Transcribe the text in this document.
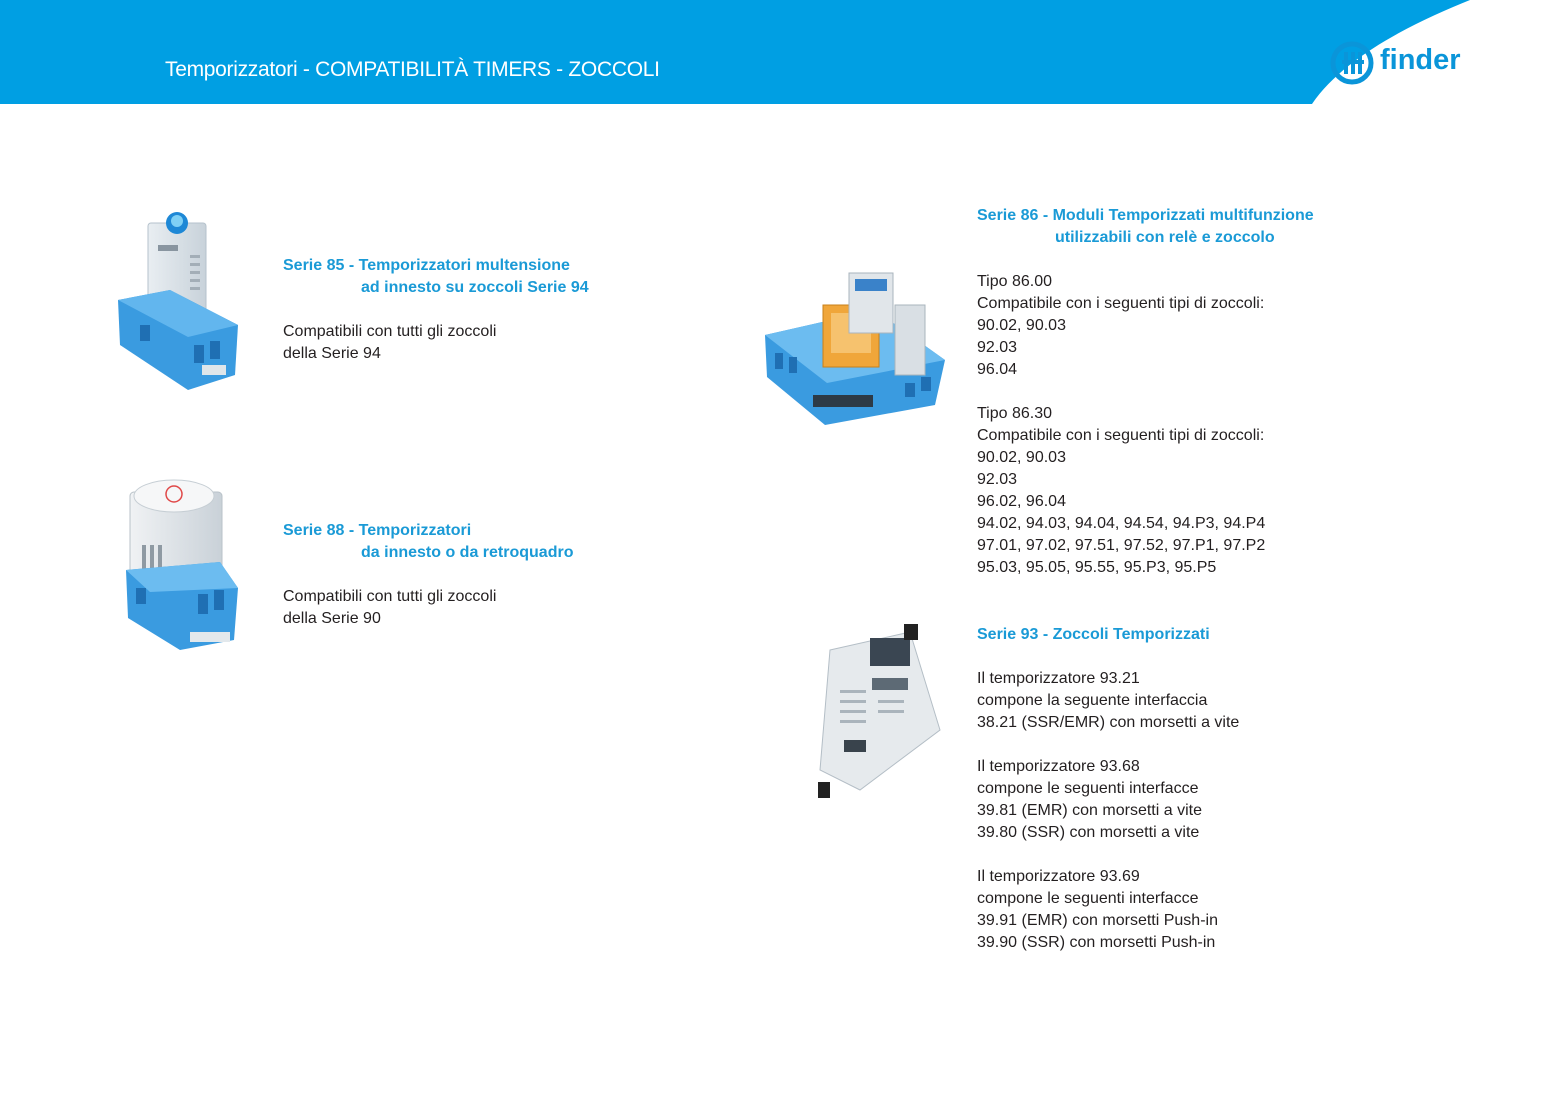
Temporizzatori - COMPATIBILITÀ TIMERS - ZOCCOLI	finder
Serie 85 - Temporizzatori multensione
ad innesto su zoccoli Serie 94
Compatibili con tutti gli zoccoli
della Serie 94
Serie 88 - Temporizzatori
da innesto o da retroquadro
Compatibili con tutti gli zoccoli
della Serie 90
Serie 86 - Moduli Temporizzati multifunzione
utilizzabili con relè e zoccolo
Tipo 86.00
Compatibile con i seguenti tipi di zoccoli:
90.02, 90.03
92.03
96.04
Tipo 86.30
Compatibile con i seguenti tipi di zoccoli:
90.02, 90.03
92.03
96.02, 96.04
94.02, 94.03, 94.04, 94.54, 94.P3, 94.P4
97.01, 97.02, 97.51, 97.52, 97.P1, 97.P2
95.03, 95.05, 95.55, 95.P3, 95.P5
Serie 93 - Zoccoli Temporizzati
Il temporizzatore 93.21
compone la seguente interfaccia
38.21 (SSR/EMR) con morsetti a vite
Il temporizzatore 93.68
compone le seguenti interfacce
39.81 (EMR) con morsetti a vite
39.80 (SSR) con morsetti a vite
Il temporizzatore 93.69
compone le seguenti interfacce
39.91 (EMR) con morsetti Push-in
39.90 (SSR) con morsetti Push-in
